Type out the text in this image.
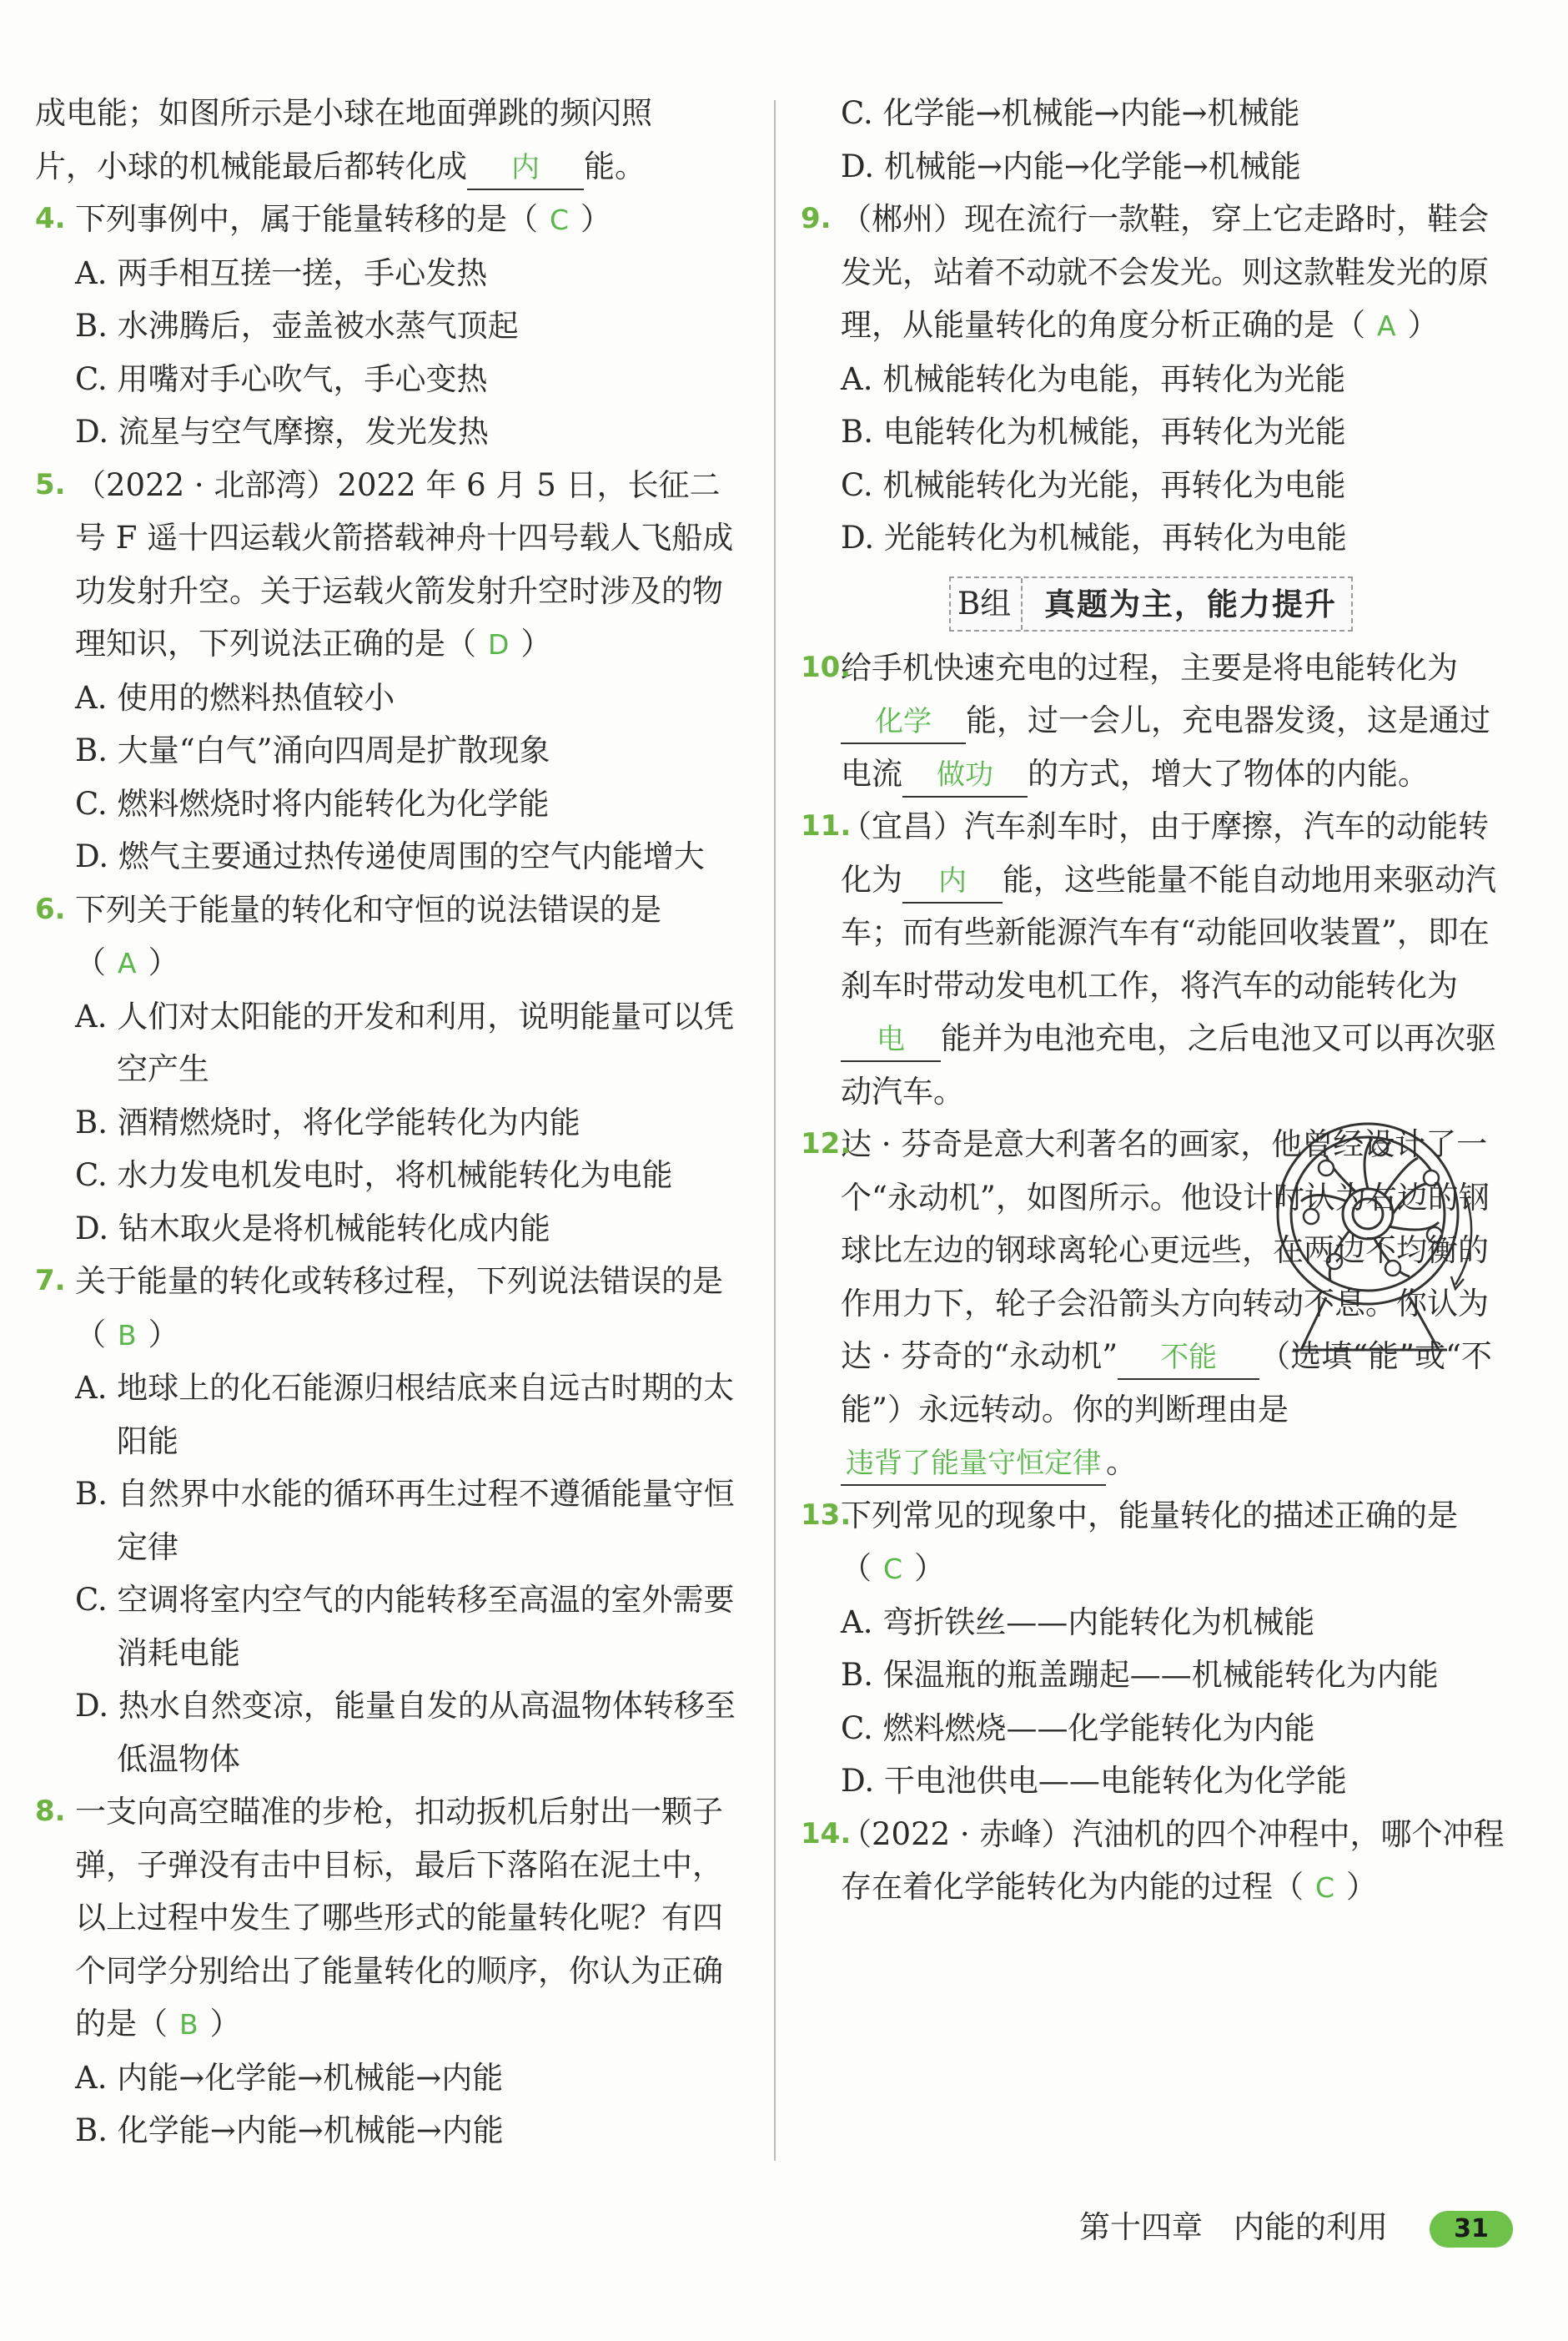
成电能；如图所示是小球在地面弹跳的频闪照

片，小球的机械能最后都转化成 内 能。

4. 下列事例中，属于能量转移的是（ C ）

A. 两手相互搓一搓，手心发热

B. 水沸腾后，壶盖被水蒸气顶起

C. 用嘴对手心吹气，手心变热

D. 流星与空气摩擦，发光发热

5. （2022 · 北部湾）2022 年 6 月 5 日，长征二号 F 遥十四运载火箭搭载神舟十四号载人飞船成功发射升空。关于运载火箭发射升空时涉及的物理知识，下列说法正确的是（ D ）

A. 使用的燃料热值较小

B. 大量“白气”涌向四周是扩散现象

C. 燃料燃烧时将内能转化为化学能

D. 燃气主要通过热传递使周围的空气内能增大

6. 下列关于能量的转化和守恒的说法错误的是（ A ）

A. 人们对太阳能的开发和利用，说明能量可以凭空产生

B. 酒精燃烧时，将化学能转化为内能

C. 水力发电机发电时，将机械能转化为电能

D. 钻木取火是将机械能转化成内能

7. 关于能量的转化或转移过程，下列说法错误的是（ B ）

A. 地球上的化石能源归根结底来自远古时期的太阳能

B. 自然界中水能的循环再生过程不遵循能量守恒定律

C. 空调将室内空气的内能转移至高温的室外需要消耗电能

D. 热水自然变凉，能量自发的从高温物体转移至低温物体

8. 一支向高空瞄准的步枪，扣动扳机后射出一颗子弹，子弹没有击中目标，最后下落陷在泥土中，以上过程中发生了哪些形式的能量转化呢？有四个同学分别给出了能量转化的顺序，你认为正确的是（ B ）

A. 内能→化学能→机械能→内能

B. 化学能→内能→机械能→内能

C. 化学能→机械能→内能→机械能

D. 机械能→内能→化学能→机械能

9. （郴州）现在流行一款鞋，穿上它走路时，鞋会发光，站着不动就不会发光。则这款鞋发光的原理，从能量转化的角度分析正确的是（ A ）

A. 机械能转化为电能，再转化为光能

B. 电能转化为机械能，再转化为光能

C. 机械能转化为光能，再转化为电能

D. 光能转化为机械能，再转化为电能

B组	真题为主，能力提升

10.
给手机快速充电的过程，主要是将电能转化为化学 能，过一会儿，充电器发烫，这是通过电流 做功 的方式，增大了物体的内能。

11.
（宜昌）汽车刹车时，由于摩擦，汽车的动能转化为 内 能，这些能量不能自动地用来驱动汽车；而有些新能源汽车有“动能回收装置”，即在刹车时带动发电机工作，将汽车的动能转化为电 能并为电池充电，之后电池又可以再次驱动汽车。

12.
达 · 芬奇是意大利著名的画家，他曾经设计了一个“永动机”，如图所示。他设计时认为右边的钢球比左边的钢球离轮心更远些，在两边不均衡的作用力下，轮子会沿箭头方向转动不息。你认为达 · 芬奇的“永动机” 不能 （选填“能”或“不能”）永远转动。你的判断理由是违背了能量守恒定律 。

13.
下列常见的现象中，能量转化的描述正确的是（ C ）

A. 弯折铁丝——内能转化为机械能

B. 保温瓶的瓶盖蹦起——机械能转化为内能

C. 燃料燃烧——化学能转化为内能

D. 干电池供电——电能转化为化学能

14.
（2022 · 赤峰）汽油机的四个冲程中，哪个冲程存在着化学能转化为内能的过程（ C ）

第十四章　内能的利用	31
